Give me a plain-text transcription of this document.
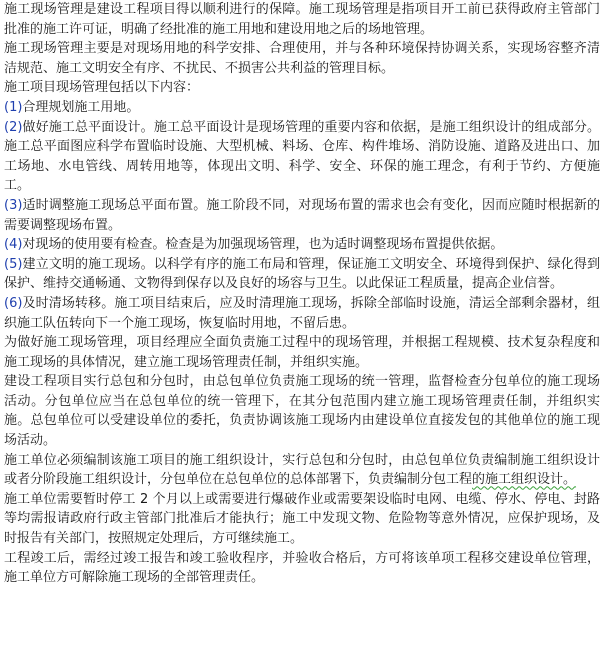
施工现场管理是建设工程项目得以顺利进行的保障。施工现场管理是指项目开工前已获得政府主管部门批准的施工许可证，明确了经批准的施工用地和建设用地之后的场地管理。

施工现场管理主要是对现场用地的科学安排、合理使用，并与各种环境保持协调关系，实现场容整齐清洁规范、施工文明安全有序、不扰民、不损害公共利益的管理目标。

施工项目现场管理包括以下内容：

(1)合理规划施工用地。

(2)做好施工总平面设计。施工总平面设计是现场管理的重要内容和依据，是施工组织设计的组成部分。施工总平面图应科学布置临时设施、大型机械、料场、仓库、构件堆场、消防设施、道路及进出口、加工场地、水电管线、周转用地等，体现出文明、科学、安全、环保的施工理念，有利于节约、方便施工。

(3)适时调整施工现场总平面布置。施工阶段不同，对现场布置的需求也会有变化，因而应随时根据新的需要调整现场布置。

(4)对现场的使用要有检查。检查是为加强现场管理，也为适时调整现场布置提供依据。

(5)建立文明的施工现场。以科学有序的施工布局和管理，保证施工文明安全、环境得到保护、绿化得到保护、维持交通畅通、文物得到保存以及良好的场容与卫生。以此保证工程质量，提高企业信誉。

(6)及时清场转移。施工项目结束后，应及时清理施工现场，拆除全部临时设施，清运全部剩余器材，组织施工队伍转向下一个施工现场，恢复临时用地，不留后患。

为做好施工现场管理，项目经理应全面负责施工过程中的现场管理，并根据工程规模、技术复杂程度和施工现场的具体情况，建立施工现场管理责任制，并组织实施。

建设工程项目实行总包和分包时，由总包单位负责施工现场的统一管理，监督检查分包单位的施工现场活动。分包单位应当在总包单位的统一管理下，在其分包范围内建立施工现场管理责任制，并组织实施。总包单位可以受建设单位的委托，负责协调该施工现场内由建设单位直接发包的其他单位的施工现场活动。

施工单位必须编制该施工项目的施工组织设计，实行总包和分包时，由总包单位负责编制施工组织设计或者分阶段施工组织设计，分包单位在总包单位的总体部署下，负责编制分包工程的施工组织设计。

施工单位需要暂时停工 2 个月以上或需要进行爆破作业或需要架设临时电网、电缆、停水、停电、封路等均需报请政府行政主管部门批准后才能执行；施工中发现文物、危险物等意外情况，应保护现场，及时报告有关部门，按照规定处理后，方可继续施工。

工程竣工后，需经过竣工报告和竣工验收程序，并验收合格后，方可将该单项工程移交建设单位管理，施工单位方可解除施工现场的全部管理责任。
